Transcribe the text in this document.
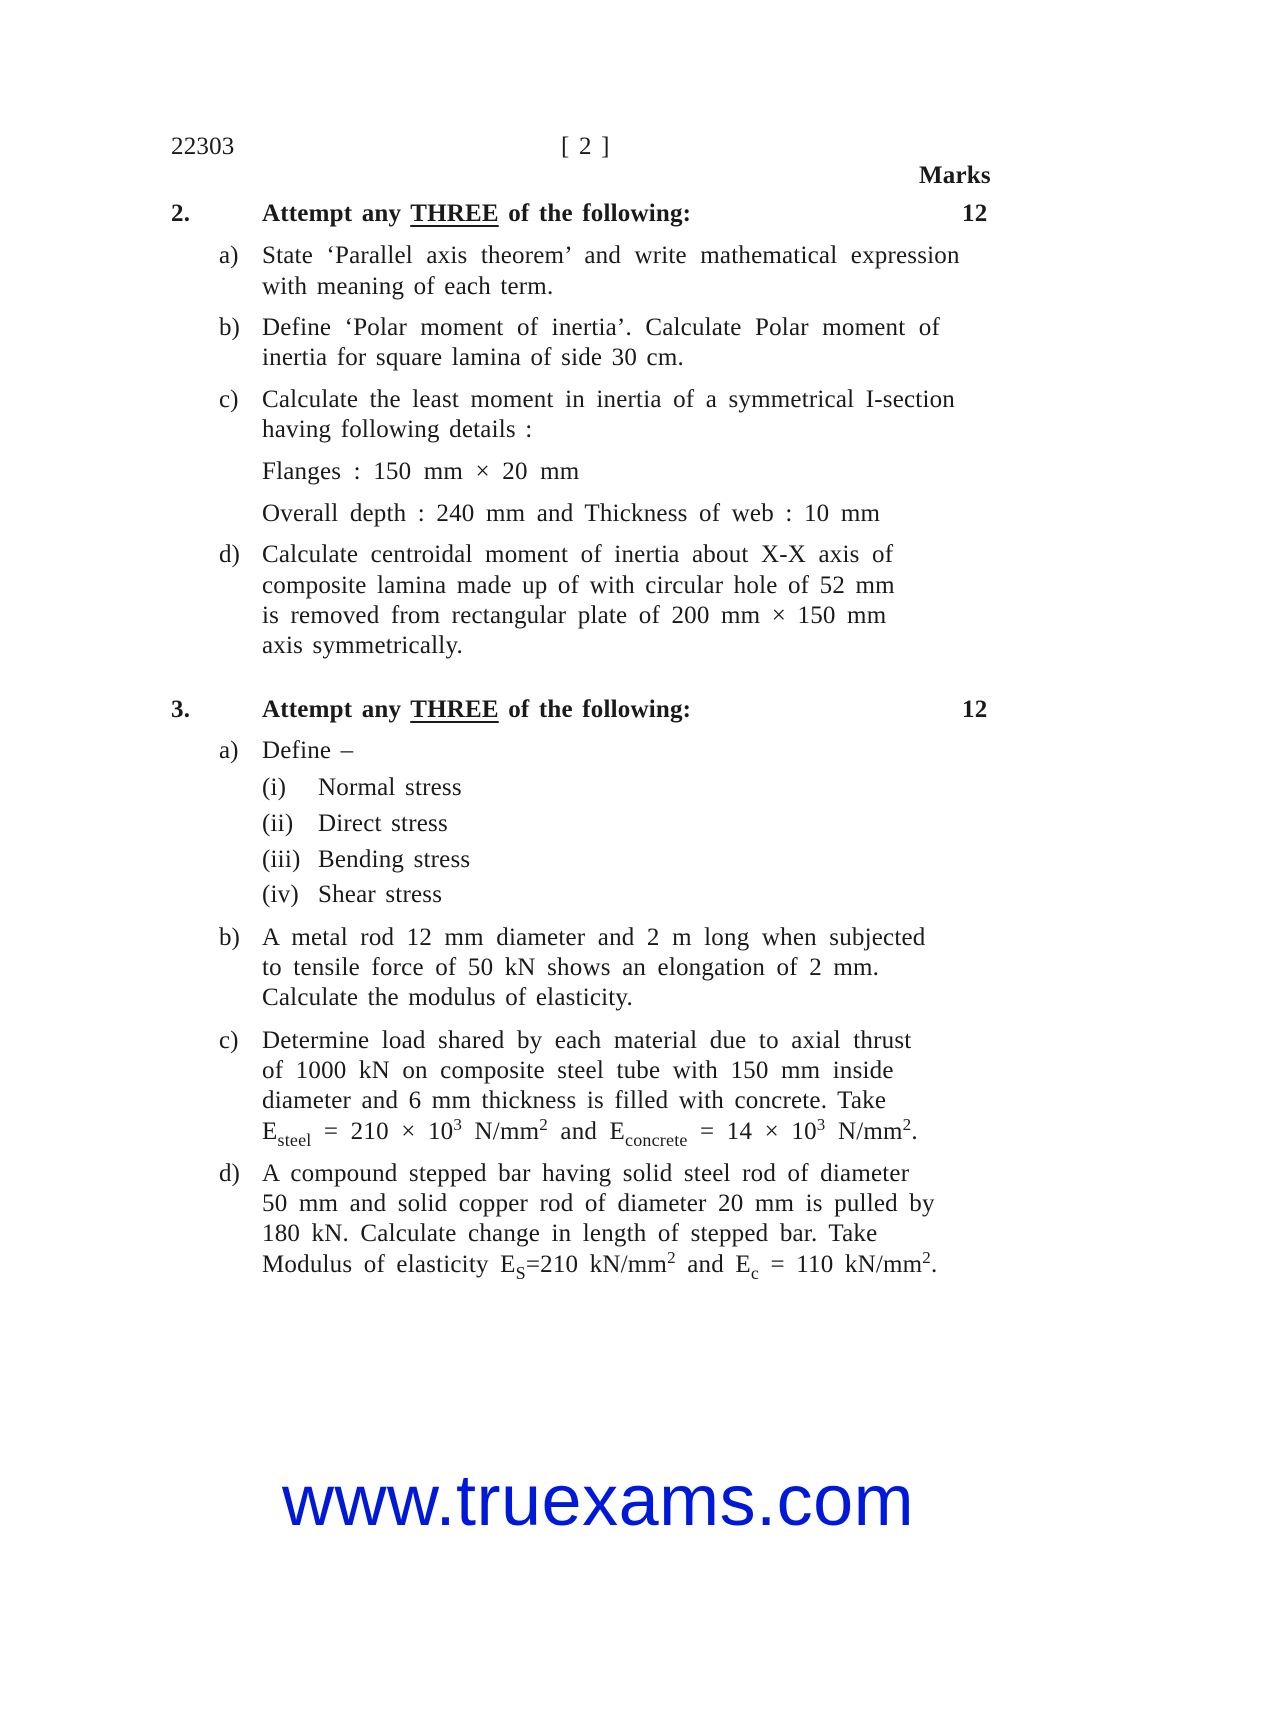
22303	[ 2 ]
Marks
2.	Attempt any THREE of the following:	12
a) State ‘Parallel axis theorem’ and write mathematical expression
with meaning of each term.
b) Define ‘Polar moment of inertia’. Calculate Polar moment of
inertia for square lamina of side 30 cm.
c) Calculate the least moment in inertia of a symmetrical I-section
having following details :
Flanges : 150 mm × 20 mm
Overall depth : 240 mm and Thickness of web : 10 mm
d) Calculate centroidal moment of inertia about X-X axis of
composite lamina made up of with circular hole of 52 mm
is removed from rectangular plate of 200 mm × 150 mm
axis symmetrically.
3.	Attempt any THREE of the following:	12
a) Define –
(i) Normal stress
(ii) Direct stress
(iii) Bending stress
(iv) Shear stress
b) A metal rod 12 mm diameter and 2 m long when subjected
to tensile force of 50 kN shows an elongation of 2 mm.
Calculate the modulus of elasticity.
c) Determine load shared by each material due to axial thrust
of 1000 kN on composite steel tube with 150 mm inside
diameter and 6 mm thickness is filled with concrete. Take
$E_{steel} = 210 \times 10^3$ $N/mm^2$ and $E_{concrete} = 14 \times 10^3$ $N/mm^2$.
d) A compound stepped bar having solid steel rod of diameter
50 mm and solid copper rod of diameter 20 mm is pulled by
180 kN. Calculate change in length of stepped bar. Take
Modulus of elasticity $E_S=210$ $kN/mm^2$ and $E_c = 110$ $kN/mm^2$.
www.truexams.com
